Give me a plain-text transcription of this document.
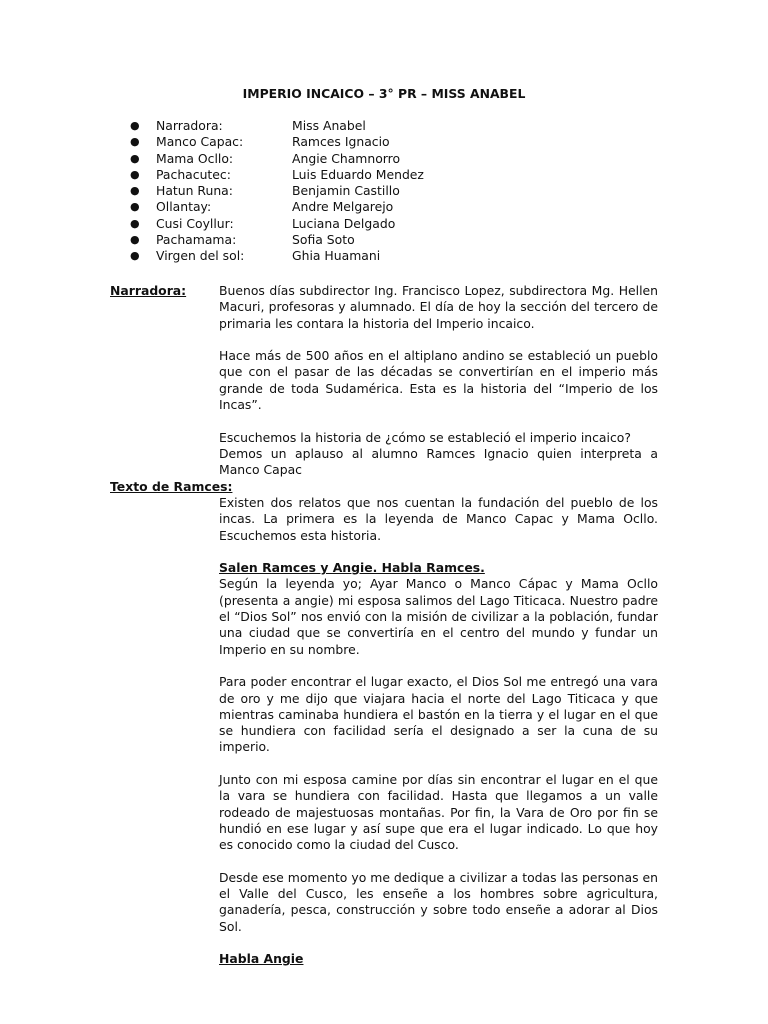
IMPERIO INCAICO – 3° PR – MISS ANABEL
● Narradora:	Miss Anabel
● Manco Capac:	Ramces Ignacio
● Mama Ocllo:	Angie Chamnorro
● Pachacutec:	Luis Eduardo Mendez
● Hatun Runa:	Benjamin Castillo
● Ollantay:	Andre Melgarejo
● Cusi Coyllur:	Luciana Delgado
● Pachamama:	Sofia Soto
● Virgen del sol:	Ghia Huamani
Narradora:	Buenos días subdirector Ing. Francisco Lopez, subdirectora Mg. Hellen Macuri, profesoras y alumnado. El día de hoy la sección del tercero de primaria les contara la historia del Imperio incaico.

Hace más de 500 años en el altiplano andino se estableció un pueblo que con el pasar de las décadas se convertirían en el imperio más grande de toda Sudamérica. Esta es la historia del “Imperio de los Incas”.

Escuchemos la historia de ¿cómo se estableció el imperio incaico?

Demos un aplauso al alumno Ramces Ignacio quien interpreta a Manco Capac

Texto de Ramces:

Existen dos relatos que nos cuentan la fundación del pueblo de los incas. La primera es la leyenda de Manco Capac y Mama Ocllo. Escuchemos esta historia.

Salen Ramces y Angie. Habla Ramces.

Según la leyenda yo; Ayar Manco o Manco Cápac y Mama Ocllo (presenta a angie) mi esposa salimos del Lago Titicaca. Nuestro padre el “Dios Sol” nos envió con la misión de civilizar a la población, fundar una ciudad que se convertiría en el centro del mundo y fundar un Imperio en su nombre.

Para poder encontrar el lugar exacto, el Dios Sol me entregó una vara de oro y me dijo que viajara hacia el norte del Lago Titicaca y que mientras caminaba hundiera el bastón en la tierra y el lugar en el que se hundiera con facilidad sería el designado a ser la cuna de su imperio.

Junto con mi esposa camine por días sin encontrar el lugar en el que la vara se hundiera con facilidad. Hasta que llegamos a un valle rodeado de majestuosas montañas. Por fin, la Vara de Oro por fin se hundió en ese lugar y así supe que era el lugar indicado. Lo que hoy es conocido como la ciudad del Cusco.

Desde ese momento yo me dedique a civilizar a todas las personas en el Valle del Cusco, les enseñe a los hombres sobre agricultura, ganadería, pesca, construcción y sobre todo enseñe a adorar al Dios Sol.

Habla Angie
